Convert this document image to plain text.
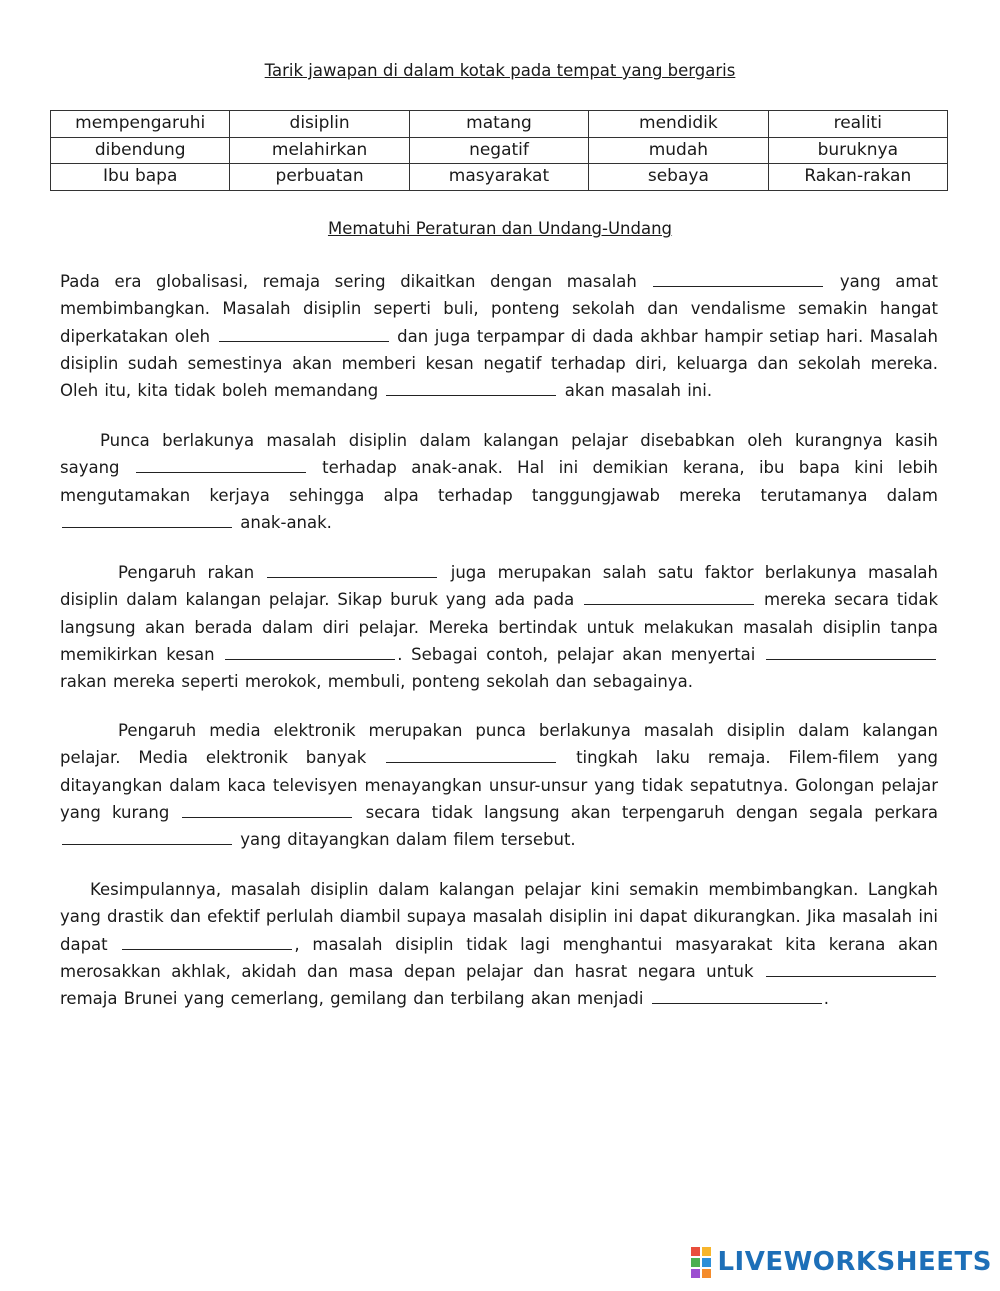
Tarik jawapan di dalam kotak pada tempat yang bergaris
mempengaruhi	disiplin	matang	mendidik	realiti
dibendung	melahirkan	negatif	mudah	buruknya
Ibu bapa	perbuatan	masyarakat	sebaya	Rakan-rakan
Mematuhi Peraturan dan Undang-Undang
Pada era globalisasi, remaja sering dikaitkan dengan masalah	yang amat membimbangkan. Masalah disiplin seperti buli, ponteng sekolah dan vendalisme semakin hangat diperkatakan oleh	dan juga terpampar di dada akhbar hampir setiap hari. Masalah disiplin sudah semestinya akan memberi kesan negatif terhadap diri, keluarga dan sekolah mereka. Oleh itu, kita tidak boleh memandang	akan masalah ini.
Punca berlakunya masalah disiplin dalam kalangan pelajar disebabkan oleh kurangnya kasih sayang	terhadap anak-anak. Hal ini demikian kerana, ibu bapa kini lebih mengutamakan kerjaya sehingga alpa terhadap tanggungjawab mereka terutamanya dalam  anak-anak.
Pengaruh rakan	juga merupakan salah satu faktor berlakunya masalah disiplin dalam kalangan pelajar. Sikap buruk yang ada pada	mereka secara tidak langsung akan berada dalam diri pelajar. Mereka bertindak untuk melakukan masalah disiplin tanpa memikirkan kesan	. Sebagai contoh, pelajar akan menyertai  rakan mereka seperti merokok, membuli, ponteng sekolah dan sebagainya.
Pengaruh media elektronik merupakan punca berlakunya masalah disiplin dalam kalangan pelajar. Media elektronik banyak	tingkah laku remaja. Filem-filem yang ditayangkan dalam kaca televisyen menayangkan unsur-unsur yang tidak sepatutnya. Golongan pelajar yang kurang	secara tidak langsung akan terpengaruh dengan segala perkara  yang ditayangkan dalam filem tersebut.
Kesimpulannya, masalah disiplin dalam kalangan pelajar kini semakin membimbangkan. Langkah yang drastik dan efektif perlulah diambil supaya masalah disiplin ini dapat dikurangkan. Jika masalah ini dapat	, masalah disiplin tidak lagi menghantui masyarakat kita kerana akan merosakkan akhlak, akidah dan masa depan pelajar dan hasrat negara untuk  remaja Brunei yang cemerlang, gemilang dan terbilang akan menjadi	.
LIVEWORKSHEETS
